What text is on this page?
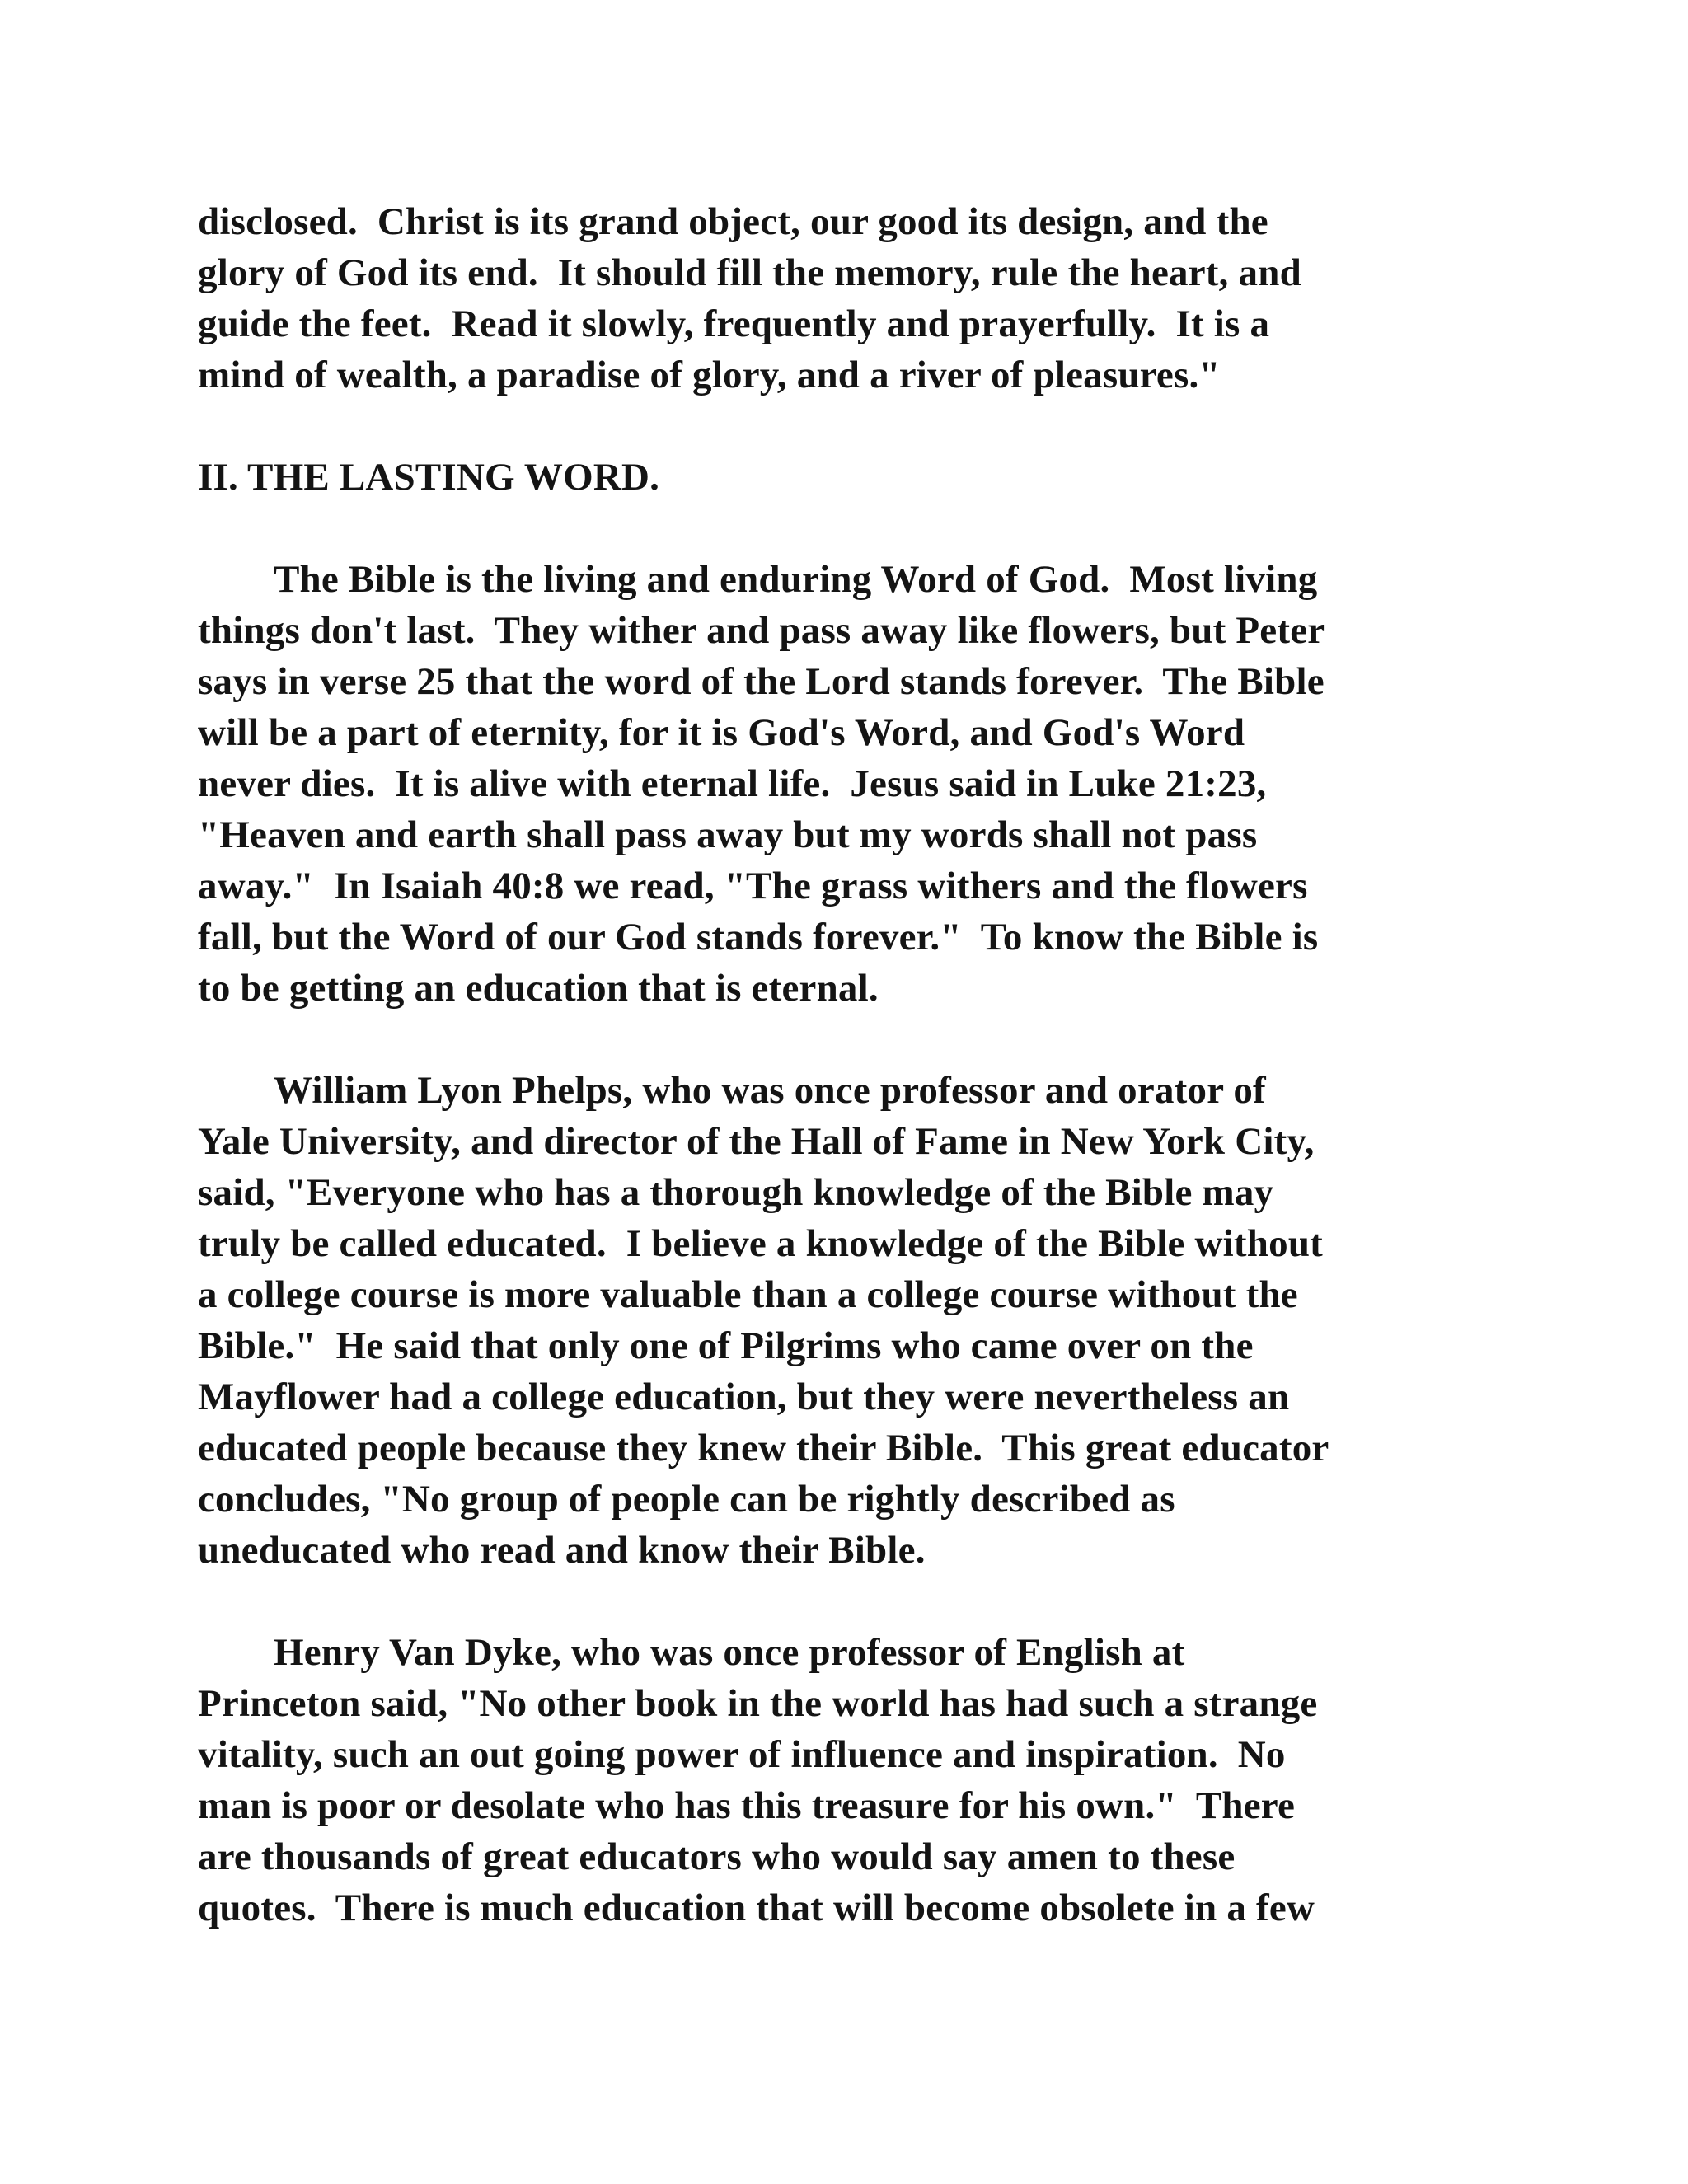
disclosed.  Christ is its grand object, our good its design, and the
glory of God its end.  It should fill the memory, rule the heart, and
guide the feet.  Read it slowly, frequently and prayerfully.  It is a
mind of wealth, a paradise of glory, and a river of pleasures."
II. THE LASTING WORD.
The Bible is the living and enduring Word of God.  Most living
things don't last.  They wither and pass away like flowers, but Peter
says in verse 25 that the word of the Lord stands forever.  The Bible
will be a part of eternity, for it is God's Word, and God's Word
never dies.  It is alive with eternal life.  Jesus said in Luke 21:23,
"Heaven and earth shall pass away but my words shall not pass
away."  In Isaiah 40:8 we read, "The grass withers and the flowers
fall, but the Word of our God stands forever."  To know the Bible is
to be getting an education that is eternal.
William Lyon Phelps, who was once professor and orator of
Yale University, and director of the Hall of Fame in New York City,
said, "Everyone who has a thorough knowledge of the Bible may
truly be called educated.  I believe a knowledge of the Bible without
a college course is more valuable than a college course without the
Bible."  He said that only one of Pilgrims who came over on the
Mayflower had a college education, but they were nevertheless an
educated people because they knew their Bible.  This great educator
concludes, "No group of people can be rightly described as
uneducated who read and know their Bible.
Henry Van Dyke, who was once professor of English at
Princeton said, "No other book in the world has had such a strange
vitality, such an out going power of influence and inspiration.  No
man is poor or desolate who has this treasure for his own."  There
are thousands of great educators who would say amen to these
quotes.  There is much education that will become obsolete in a few
